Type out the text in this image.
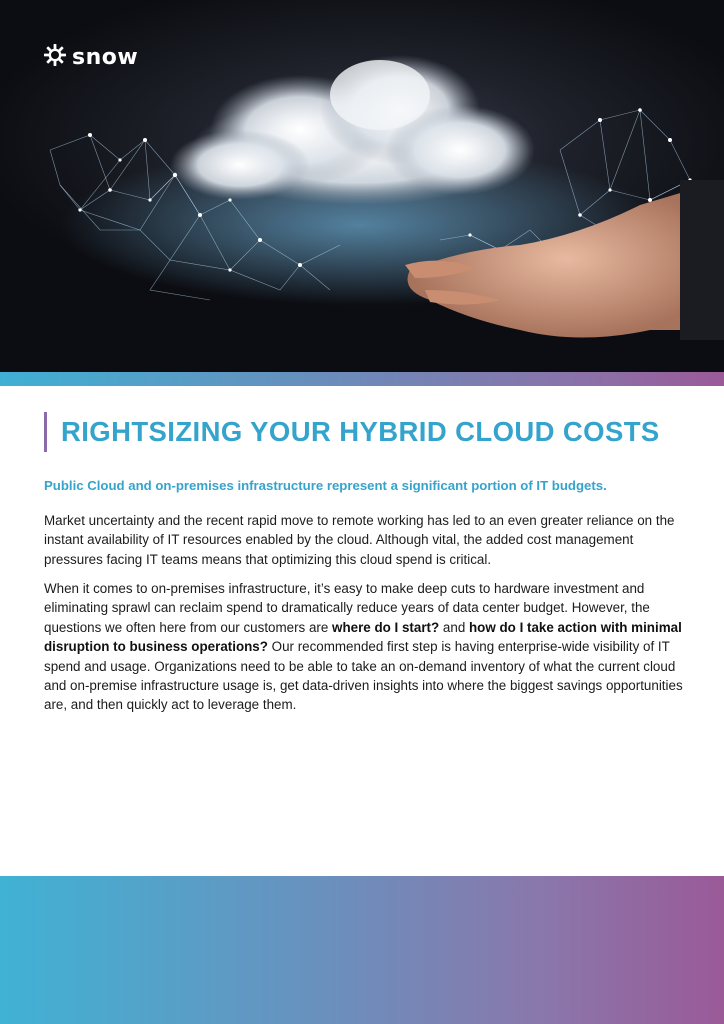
snow
RIGHTSIZING YOUR HYBRID CLOUD COSTS

Public Cloud and on-premises infrastructure represent a significant portion of IT budgets.

Market uncertainty and the recent rapid move to remote working has led to an even greater reliance on the instant availability of IT resources enabled by the cloud. Although vital, the added cost management pressures facing IT teams means that optimizing this cloud spend is critical.

When it comes to on-premises infrastructure, it’s easy to make deep cuts to hardware investment and eliminating sprawl can reclaim spend to dramatically reduce years of data center budget. However, the questions we often here from our customers are where do I start? and how do I take action with minimal disruption to business operations? Our recommended first step is having enterprise-wide visibility of IT spend and usage. Organizations need to be able to take an on-demand inventory of what the current cloud and on-premise infrastructure usage is, get data-driven insights into where the biggest savings opportunities are, and then quickly act to leverage them.
